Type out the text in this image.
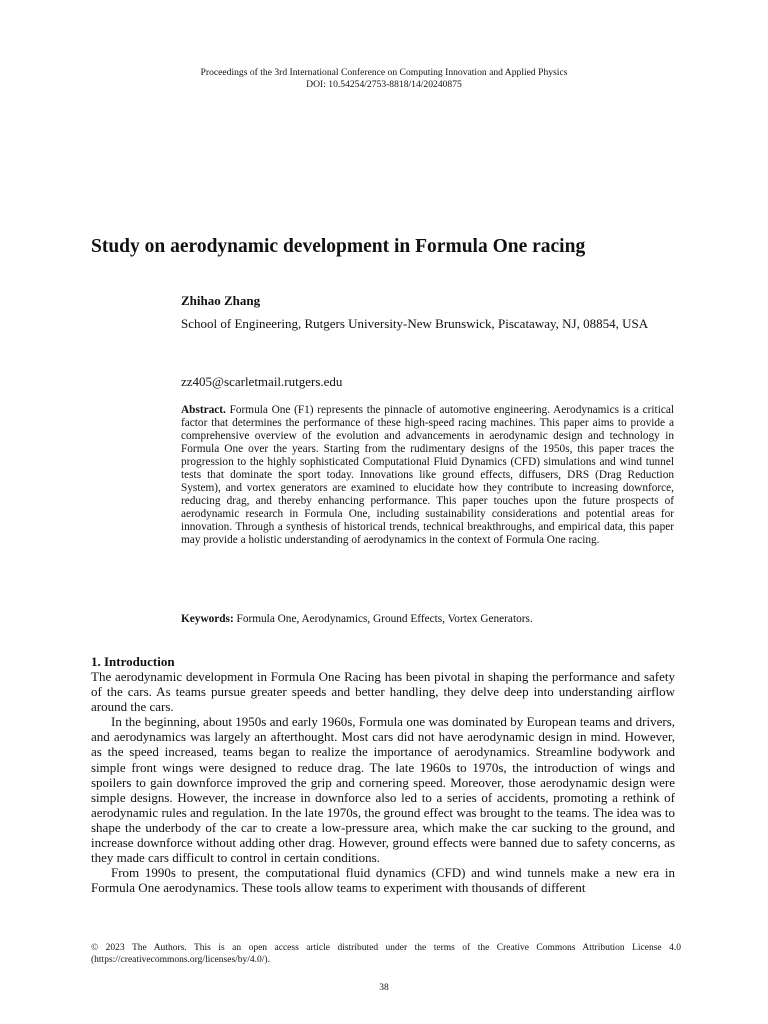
Proceedings of the 3rd International Conference on Computing Innovation and Applied Physics
DOI: 10.54254/2753-8818/14/20240875
Study on aerodynamic development in Formula One racing
Zhihao Zhang
School of Engineering, Rutgers University-New Brunswick, Piscataway, NJ, 08854, USA
zz405@scarletmail.rutgers.edu
Abstract. Formula One (F1) represents the pinnacle of automotive engineering. Aerodynamics is a critical factor that determines the performance of these high-speed racing machines. This paper aims to provide a comprehensive overview of the evolution and advancements in aerodynamic design and technology in Formula One over the years. Starting from the rudimentary designs of the 1950s, this paper traces the progression to the highly sophisticated Computational Fluid Dynamics (CFD) simulations and wind tunnel tests that dominate the sport today. Innovations like ground effects, diffusers, DRS (Drag Reduction System), and vortex generators are examined to elucidate how they contribute to increasing downforce, reducing drag, and thereby enhancing performance. This paper touches upon the future prospects of aerodynamic research in Formula One, including sustainability considerations and potential areas for innovation. Through a synthesis of historical trends, technical breakthroughs, and empirical data, this paper may provide a holistic understanding of aerodynamics in the context of Formula One racing.
Keywords: Formula One, Aerodynamics, Ground Effects, Vortex Generators.
1. Introduction

The aerodynamic development in Formula One Racing has been pivotal in shaping the performance and safety of the cars. As teams pursue greater speeds and better handling, they delve deep into understanding airflow around the cars.

In the beginning, about 1950s and early 1960s, Formula one was dominated by European teams and drivers, and aerodynamics was largely an afterthought. Most cars did not have aerodynamic design in mind. However, as the speed increased, teams began to realize the importance of aerodynamics. Streamline bodywork and simple front wings were designed to reduce drag. The late 1960s to 1970s, the introduction of wings and spoilers to gain downforce improved the grip and cornering speed. Moreover, those aerodynamic design were simple designs. However, the increase in downforce also led to a series of accidents, promoting a rethink of aerodynamic rules and regulation. In the late 1970s, the ground effect was brought to the teams. The idea was to shape the underbody of the car to create a low-pressure area, which make the car sucking to the ground, and increase downforce without adding other drag. However, ground effects were banned due to safety concerns, as they made cars difficult to control in certain conditions.

From 1990s to present, the computational fluid dynamics (CFD) and wind tunnels make a new era in Formula One aerodynamics. These tools allow teams to experiment with thousands of different

© 2023 The Authors. This is an open access article distributed under the terms of the Creative Commons Attribution License 4.0 (https://creativecommons.org/licenses/by/4.0/).
38
